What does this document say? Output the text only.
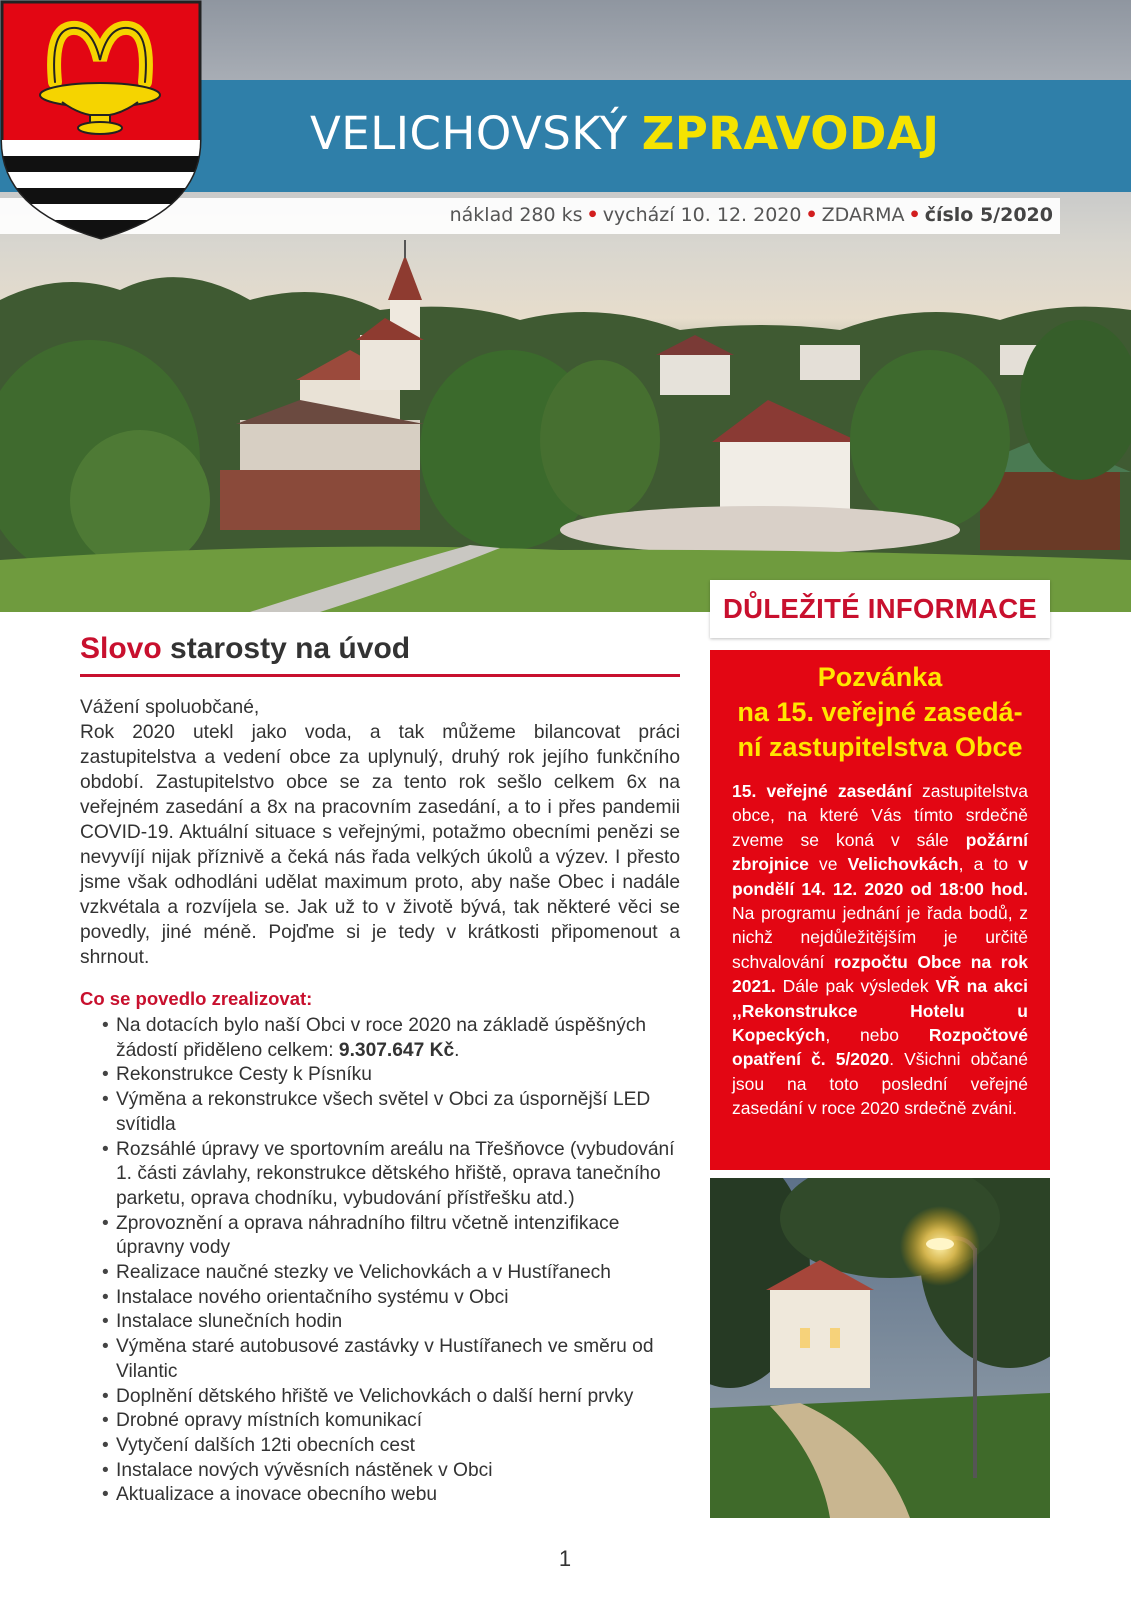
VELICHOVSKÝ ZPRAVODAJ
náklad 280 ks • vychází 10. 12. 2020 • ZDARMA • číslo 5/2020
Slovo starosty na úvod

Vážení spoluobčané,

Rok 2020 utekl jako voda, a tak můžeme bilancovat práci zastupitelstva a vedení obce za uplynulý, druhý rok jejího funkčního období. Zastupitelstvo obce se za tento rok sešlo celkem 6x na veřejném zasedání a 8x na pracovním zasedání, a to i přes pandemii COVID-19. Aktuální situace s veřejnými, potažmo obecními penězi se nevyvíjí nijak příznivě a čeká nás řada velkých úkolů a výzev. I přesto jsme však odhodláni udělat maximum proto, aby naše Obec i nadále vzkvétala a rozvíjela se. Jak už to v životě bývá, tak některé věci se povedly, jiné méně. Pojďme si je tedy v krátkosti připomenout a shrnout.

Co se povedlo zrealizovat:
• Na dotacích bylo naší Obci v roce 2020 na základě úspěšných žádostí přiděleno celkem: 9.307.647 Kč.
• Rekonstrukce Cesty k Písníku
• Výměna a rekonstrukce všech světel v Obci za úspornější LED svítidla
• Rozsáhlé úpravy ve sportovním areálu na Třešňovce (vybudování 1. části závlahy, rekonstrukce dětského hřiště, oprava tanečního parketu, oprava chodníku, vybudování přístřešku atd.)
• Zprovoznění a oprava náhradního filtru včetně intenzifikace úpravny vody
• Realizace naučné stezky ve Velichovkách a v Hustířanech
• Instalace nového orientačního systému v Obci
• Instalace slunečních hodin
• Výměna staré autobusové zastávky v Hustířanech ve směru od Vilantic
• Doplnění dětského hřiště ve Velichovkách o další herní prvky
• Drobné opravy místních komunikací
• Vytyčení dalších 12ti obecních cest
• Instalace nových vývěsních nástěnek v Obci
• Aktualizace a inovace obecního webu
DŮLEŽITÉ INFORMACE
Pozvánka
na 15. veřejné zasedá-
ní zastupitelstva Obce

15. veřejné zasedání zastupitelstva obce, na které Vás tímto srdečně zveme se koná v sále požární zbrojnice ve Velichovkách, a to v pondělí 14. 12. 2020 od 18:00 hod. Na programu jednání je řada bodů, z nichž nejdůležitějším je určitě schvalování rozpočtu Obce na rok 2021. Dále pak výsledek VŘ na akci ,,Rekonstrukce Hotelu u Kopeckých, nebo Rozpočtové opatření č. 5/2020. Všichni občané jsou na toto poslední veřejné zasedání v roce 2020 srdečně zváni.

1
